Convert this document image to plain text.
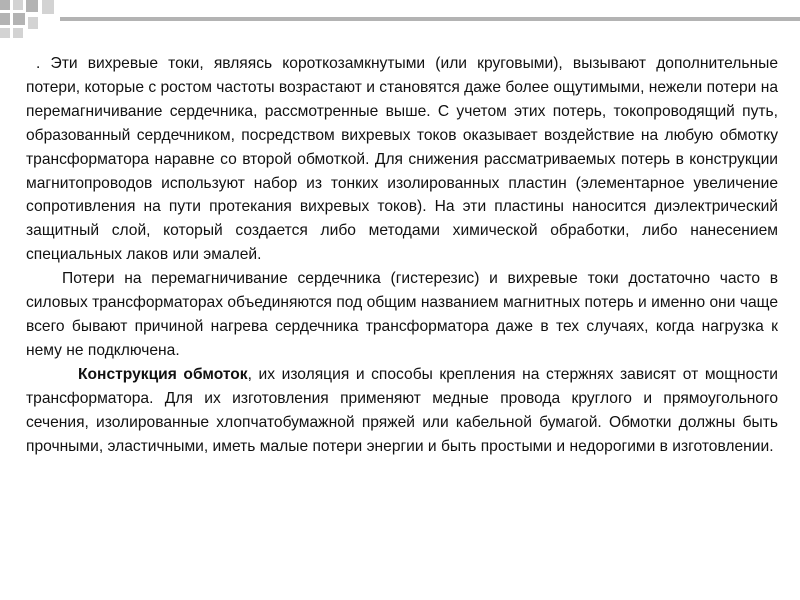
. Эти вихревые токи, являясь короткозамкнутыми (или круговыми), вызывают дополнительные потери, которые с ростом частоты возрастают и становятся даже более ощутимыми, нежели потери на перемагничивание сердечника, рассмотренные выше. С учетом этих потерь, токопроводящий путь, образованный сердечником, посредством вихревых токов оказывает воздействие на любую обмотку трансформатора наравне со второй обмоткой. Для снижения рассматриваемых потерь в конструкции магнитопроводов используют набор из тонких изолированных пластин (элементарное увеличение сопротивления на пути протекания вихревых токов). На эти пластины наносится диэлектрический защитный слой, который создается либо методами химической обработки, либо нанесением специальных лаков или эмалей.

Потери на перемагничивание сердечника (гистерезис) и вихревые токи достаточно часто в силовых трансформаторах объединяются под общим названием магнитных потерь и именно они чаще всего бывают причиной нагрева сердечника трансформатора даже в тех случаях, когда нагрузка к нему не подключена.

Конструкция обмоток, их изоляция и способы крепления на стержнях зависят от мощности трансформатора. Для их изготовления применяют медные провода круглого и прямоугольного сечения, изолированные хлопчатобумажной пряжей или кабельной бумагой. Обмотки должны быть прочными, эластичными, иметь малые потери энергии и быть простыми и недорогими в изготовлении.
